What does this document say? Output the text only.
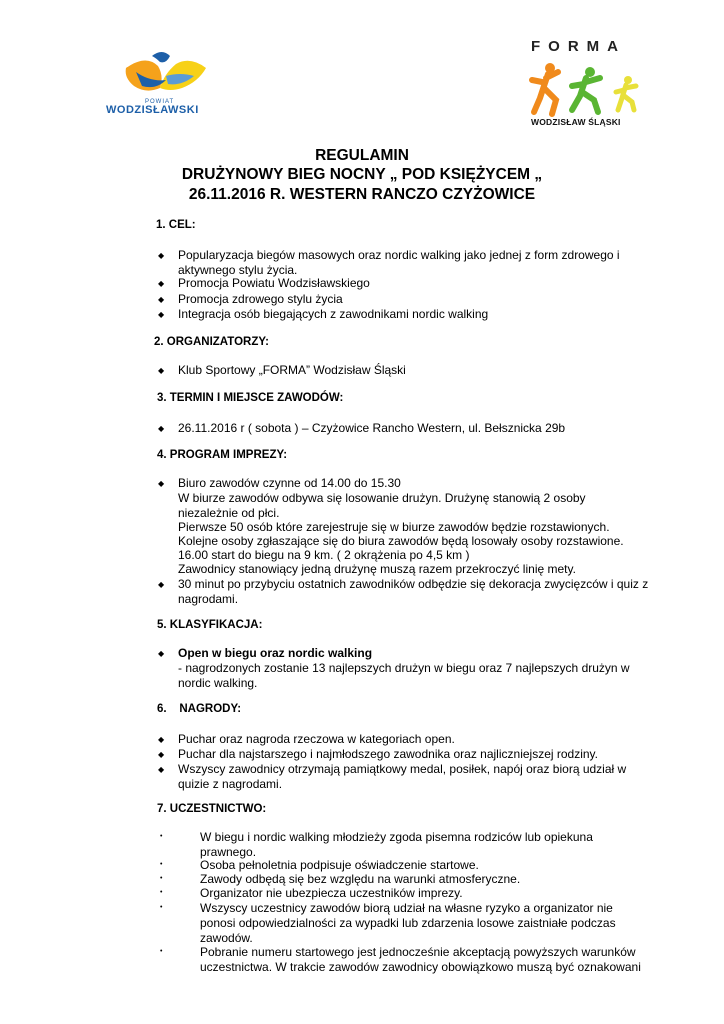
POWIAT
WODZISŁAWSKI
FORMA
WODZISŁAW ŚLĄSKI
REGULAMIN
DRUŻYNOWY BIEG NOCNY „ POD KSIĘŻYCEM „
26.11.2016 R. WESTERN RANCZO CZYŻOWICE
1. CEL:
◆ Popularyzacja biegów masowych oraz nordic walking jako jednej z form zdrowego i
aktywnego stylu życia.
◆ Promocja Powiatu Wodzisławskiego
◆ Promocja zdrowego stylu życia
◆ Integracja osób biegających z zawodnikami nordic walking
2. ORGANIZATORZY:
◆ Klub Sportowy „FORMA” Wodzisław Śląski
3. TERMIN I MIEJSCE ZAWODÓW:
◆ 26.11.2016 r ( sobota ) – Czyżowice Rancho Western, ul. Bełsznicka 29b
4. PROGRAM IMPREZY:
◆ Biuro zawodów czynne od 14.00 do 15.30
W biurze zawodów odbywa się losowanie drużyn. Drużynę stanowią 2 osoby
niezależnie od płci.
Pierwsze 50 osób które zarejestruje się w biurze zawodów będzie rozstawionych.
Kolejne osoby zgłaszające się do biura zawodów będą losowały osoby rozstawione.
16.00 start do biegu na 9 km. ( 2 okrążenia po 4,5 km )
Zawodnicy stanowiący jedną drużynę muszą razem przekroczyć linię mety.
◆ 30 minut po przybyciu ostatnich zawodników odbędzie się dekoracja zwycięzców i quiz z
nagrodami.
5. KLASYFIKACJA:
◆ Open w biegu oraz nordic walking
- nagrodzonych zostanie 13 najlepszych drużyn w biegu oraz 7 najlepszych drużyn w
nordic walking.
6.    NAGRODY:
◆ Puchar oraz nagroda rzeczowa w kategoriach open.
◆ Puchar dla najstarszego i najmłodszego zawodnika oraz najliczniejszej rodziny.
◆ Wszyscy zawodnicy otrzymają pamiątkowy medal, posiłek, napój oraz biorą udział w
quizie z nagrodami.
7. UCZESTNICTWO:
•	W biegu i nordic walking młodzieży zgoda pisemna rodziców lub opiekuna
prawnego.
•	Osoba pełnoletnia podpisuje oświadczenie startowe.
•	Zawody odbędą się bez względu na warunki atmosferyczne.
•	Organizator nie ubezpiecza uczestników imprezy.
•	Wszyscy uczestnicy zawodów biorą udział na własne ryzyko a organizator nie
ponosi odpowiedzialności za wypadki lub zdarzenia losowe zaistniałe podczas
zawodów.
•	Pobranie numeru startowego jest jednocześnie akceptacją powyższych warunków
uczestnictwa. W trakcie zawodów zawodnicy obowiązkowo muszą być oznakowani
